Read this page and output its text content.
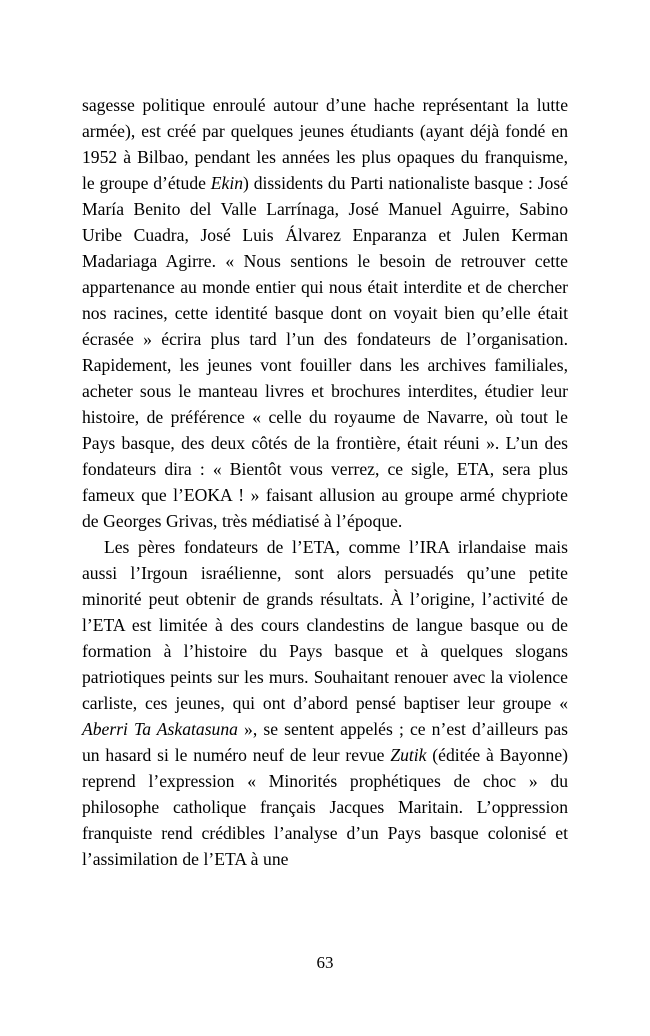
sagesse politique enroulé autour d’une hache représentant la lutte armée), est créé par quelques jeunes étudiants (ayant déjà fondé en 1952 à Bilbao, pendant les années les plus opaques du franquisme, le groupe d’étude Ekin) dissidents du Parti nationaliste basque : José María Benito del Valle Larrínaga, José Manuel Aguirre, Sabino Uribe Cuadra, José Luis Álvarez Enparanza et Julen Kerman Madariaga Agirre. « Nous sentions le besoin de retrouver cette appartenance au monde entier qui nous était interdite et de chercher nos racines, cette identité basque dont on voyait bien qu’elle était écrasée » écrira plus tard l’un des fondateurs de l’organisation. Rapidement, les jeunes vont fouiller dans les archives familiales, acheter sous le manteau livres et brochures interdites, étudier leur histoire, de préférence « celle du royaume de Navarre, où tout le Pays basque, des deux côtés de la frontière, était réuni ». L’un des fondateurs dira : « Bientôt vous verrez, ce sigle, ETA, sera plus fameux que l’EOKA ! » faisant allusion au groupe armé chypriote de Georges Grivas, très médiatisé à l’époque.

Les pères fondateurs de l’ETA, comme l’IRA irlandaise mais aussi l’Irgoun israélienne, sont alors persuadés qu’une petite minorité peut obtenir de grands résultats. À l’origine, l’activité de l’ETA est limitée à des cours clandestins de langue basque ou de formation à l’histoire du Pays basque et à quelques slogans patriotiques peints sur les murs. Souhaitant renouer avec la violence carliste, ces jeunes, qui ont d’abord pensé baptiser leur groupe « Aberri Ta Askatasuna », se sentent appelés ; ce n’est d’ailleurs pas un hasard si le numéro neuf de leur revue Zutik (éditée à Bayonne) reprend l’expression « Minorités prophétiques de choc » du philosophe catholique français Jacques Maritain. L’oppression franquiste rend crédibles l’analyse d’un Pays basque colonisé et l’assimilation de l’ETA à une

63
